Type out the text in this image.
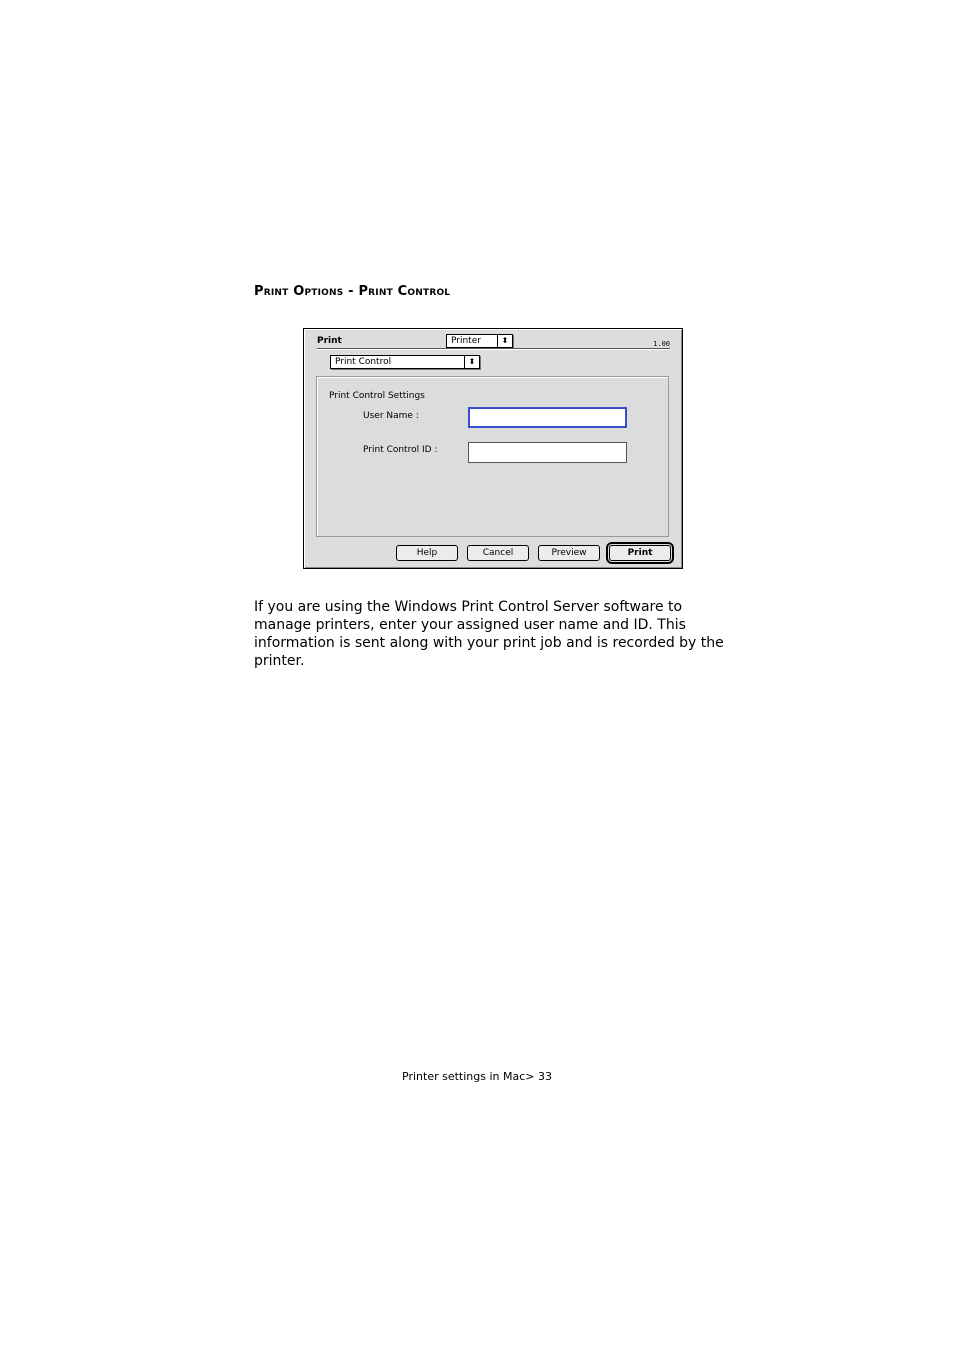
Print Options - Print Control
Print	Printer	⬍	1.00
Print Control	⬍
Print Control Settings
User Name :
Print Control ID :
Help	Cancel	Preview	Print

If you are using the Windows Print Control Server software to manage printers, enter your assigned user name and ID. This information is sent along with your print job and is recorded by the printer.

Printer settings in Mac> 33
